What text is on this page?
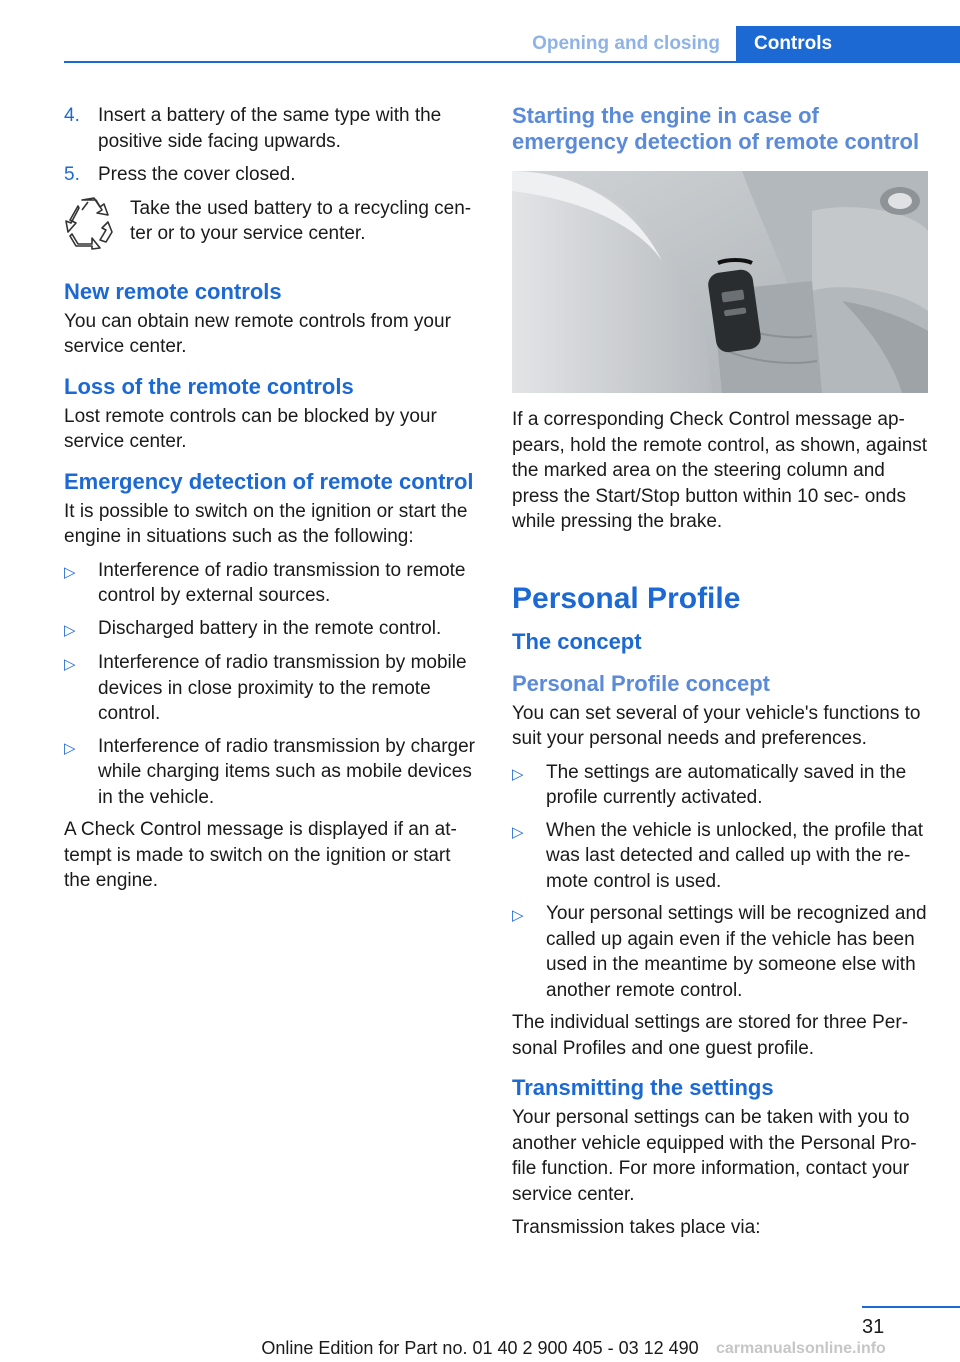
Opening and closing	Controls
4. Insert a battery of the same type with the positive side facing upwards.
5. Press the cover closed.
Take the used battery to a recycling cen‐ ter or to your service center.
New remote controls

You can obtain new remote controls from your service center.

Loss of the remote controls

Lost remote controls can be blocked by your service center.

Emergency detection of remote control

It is possible to switch on the ignition or start the engine in situations such as the following:

▷	Interference of radio transmission to remote control by external sources.
▷	Discharged battery in the remote control.
▷	Interference of radio transmission by mobile devices in close proximity to the remote control.
▷	Interference of radio transmission by charger while charging items such as mobile devices in the vehicle.

A Check Control message is displayed if an at‐ tempt is made to switch on the ignition or start the engine.

Starting the engine in case of emergency detection of remote control

If a corresponding Check Control message ap‐ pears, hold the remote control, as shown, against the marked area on the steering column and press the Start/Stop button within 10 sec‐ onds while pressing the brake.

Personal Profile
The concept
Personal Profile concept

You can set several of your vehicle's functions to suit your personal needs and preferences.

▷	The settings are automatically saved in the profile currently activated.
▷	When the vehicle is unlocked, the profile that was last detected and called up with the re‐ mote control is used.
▷	Your personal settings will be recognized and called up again even if the vehicle has been used in the meantime by someone else with another remote control.

The individual settings are stored for three Per‐ sonal Profiles and one guest profile.

Transmitting the settings

Your personal settings can be taken with you to another vehicle equipped with the Personal Pro‐ file function. For more information, contact your service center.

Transmission takes place via:

31
Online Edition for Part no. 01 40 2 900 405 - 03 12 490	carmanualsonline.info
